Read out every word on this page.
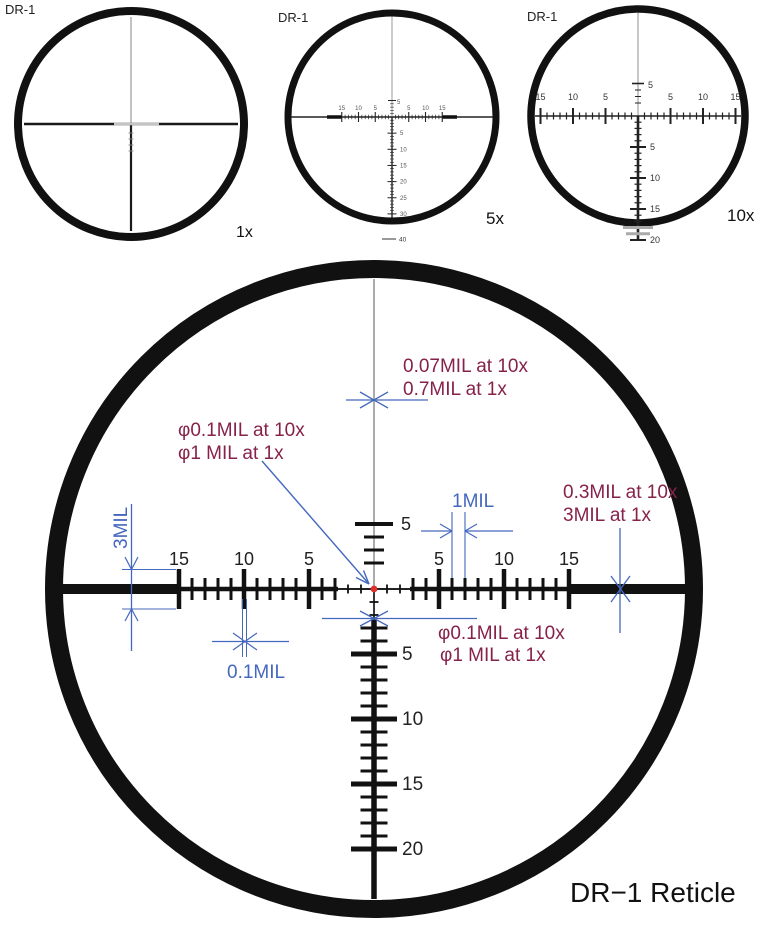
DR-1
1x
15 10 5	5 10 15
5
5
10
15
20
25
30
40
DR-1
5x
15 10	5	5	10 15
5
5
10
15
20
DR-1
10x
15 10	5	5	10 15
5
5
10
15
20
0.07MIL at 10x
0.7MIL at 1x
φ0.1MIL at 10x
φ1 MIL at 1x
1MIL	0.3MIL at 10x
3MIL at 1x
3MIL
0.1MIL
φ0.1MIL at 10x
φ1 MIL at 1x
DR−1 Reticle
